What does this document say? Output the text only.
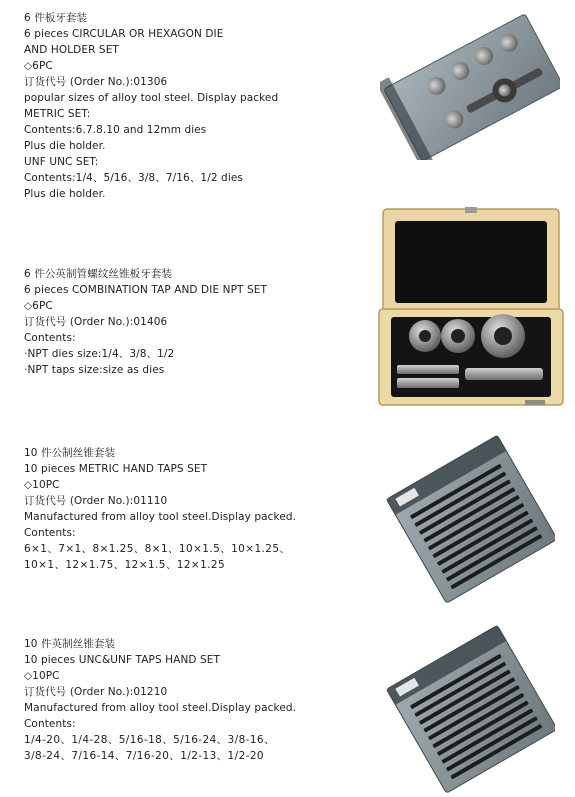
6 件板牙套装
6 pieces CIRCULAR OR HEXAGON DIE
AND HOLDER SET
◇6PC
订货代号 (Order No.):01306
popular sizes of alloy tool steel. Display packed
METRIC SET:
Contents:6.7.8.10 and 12mm dies
Plus die holder.
UNF UNC SET:
Contents:1/4、5/16、3/8、7/16、1/2 dies
Plus die holder.
6 件公英制管螺纹丝锥板牙套装
6 pieces COMBINATION TAP AND DIE NPT SET
◇6PC
订货代号 (Order No.):01406
Contents:
·NPT dies size:1/4、3/8、1/2
·NPT taps size:size as dies
10 件公制丝锥套装
10 pieces METRIC HAND TAPS SET
◇10PC
订货代号 (Order No.):01110
Manufactured from alloy tool steel.Display packed.
Contents:
6×1、7×1、8×1.25、8×1、10×1.5、10×1.25、
10×1、12×1.75、12×1.5、12×1.25
10 件英制丝锥套装
10 pieces UNC&UNF TAPS HAND SET
◇10PC
订货代号 (Order No.):01210
Manufactured from alloy tool steel.Display packed.
Contents:
1/4-20、1/4-28、5/16-18、5/16-24、3/8-16、
3/8-24、7/16-14、7/16-20、1/2-13、1/2-20
